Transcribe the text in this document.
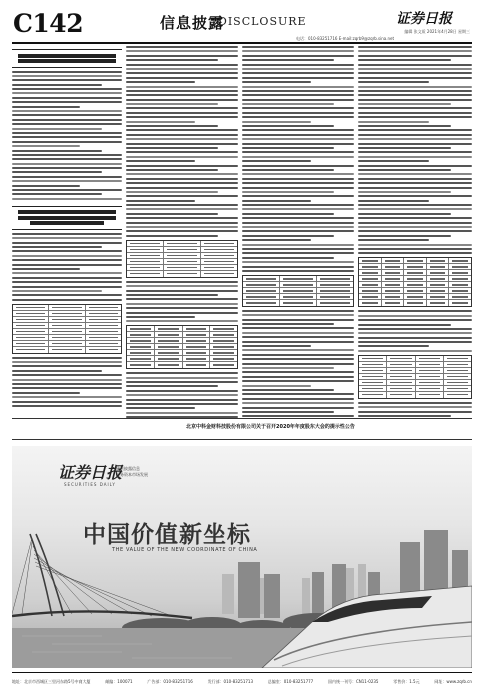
C142	信息披露
DISCLOSURE	证券日报
编辑 张文质 2021年4月28日 星期三
电话：010-83251716 E-mail:zqrb9@zqrb.sina.net
北京中科金财科技股份有限公司关于召开2020年年度股东大会的提示性公告
证券日报
SECURITIES DAILY
依法披露信息
服务资本市场发展
中国价值新坐标
THE VALUE OF THE NEW COORDINATE OF CHINA
地址：北京市西城区三里河东路5号中商大厦	邮编：100071	广告部：010-83251716	发行部：010-83251713	总编室：010-83251777	国内统一刊号：CN11-0235	零售价：1.5元	网址：www.zqrb.cn
